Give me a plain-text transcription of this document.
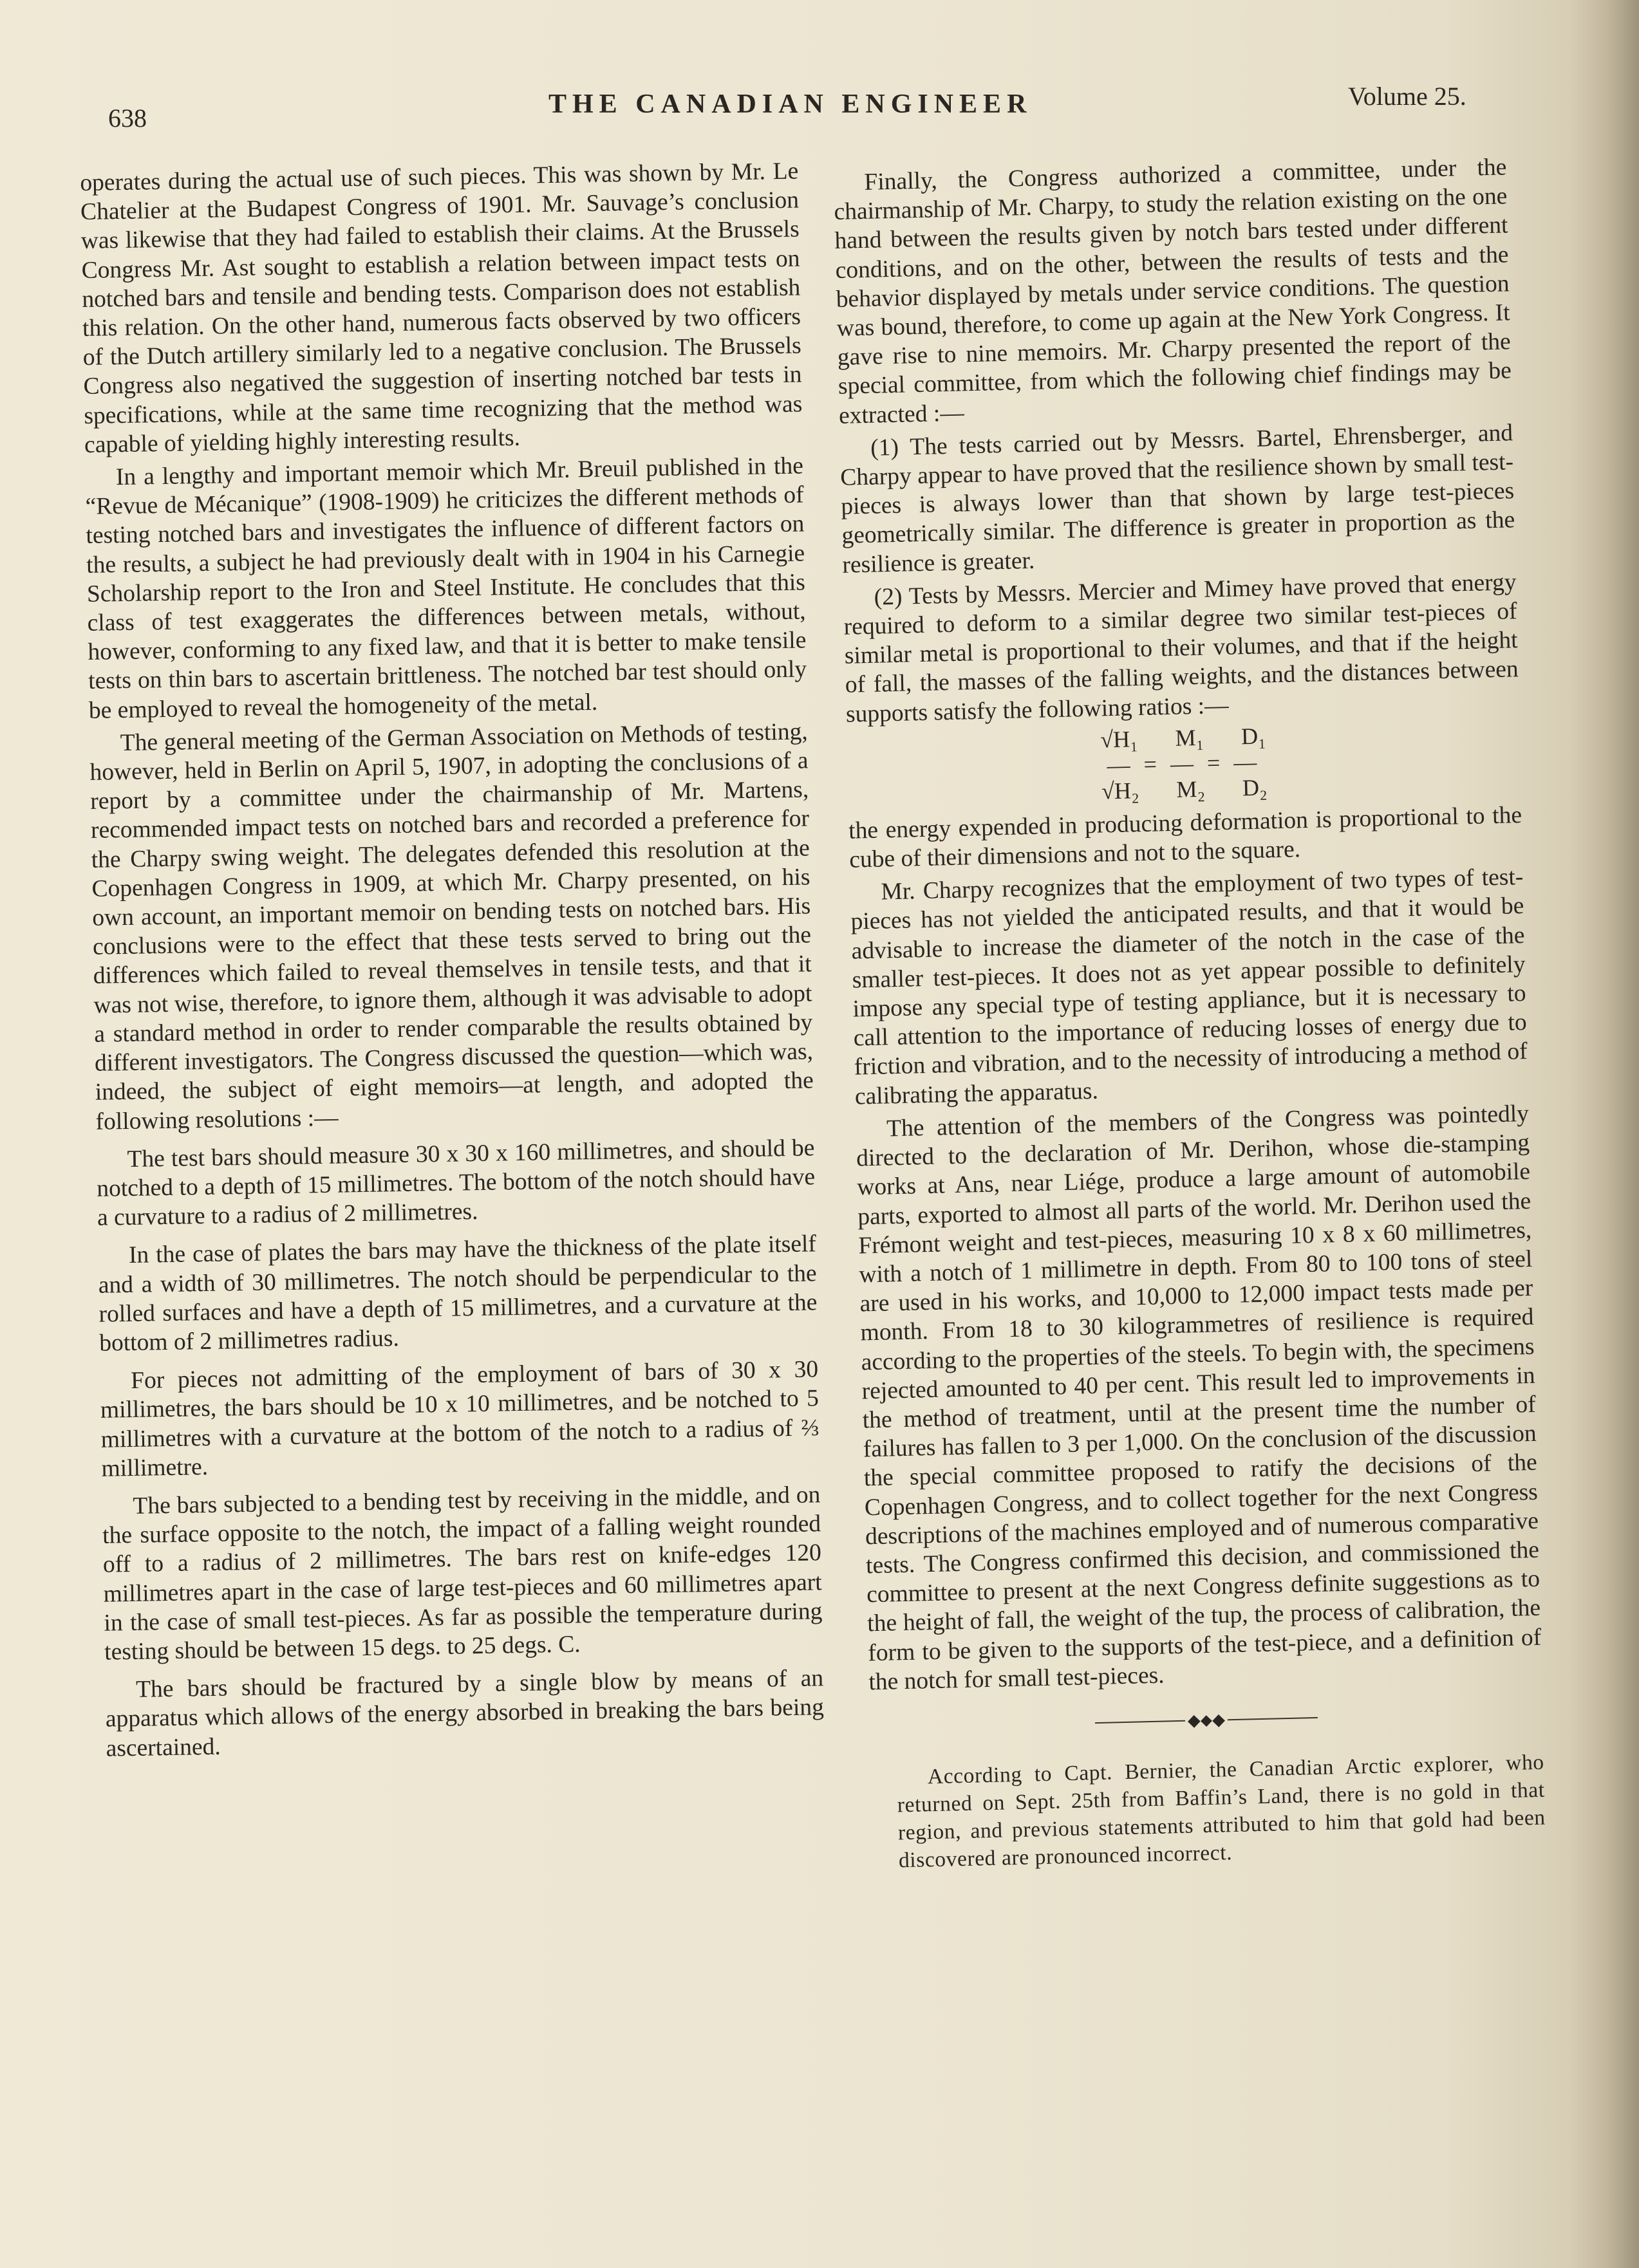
638	THE CANADIAN ENGINEER	Volume 25.

operates during the actual use of such pieces. This was shown by Mr. Le Chatelier at the Budapest Congress of 1901. Mr. Sauvage’s conclusion was likewise that they had failed to establish their claims. At the Brussels Congress Mr. Ast sought to establish a relation between impact tests on notched bars and tensile and bending tests. Comparison does not establish this relation. On the other hand, numerous facts observed by two officers of the Dutch artillery similarly led to a negative conclusion. The Brussels Congress also negatived the suggestion of inserting notched bar tests in specifications, while at the same time recognizing that the method was capable of yielding highly interesting results.

In a lengthy and important memoir which Mr. Breuil published in the “Revue de Mécanique” (1908-1909) he criticizes the different methods of testing notched bars and investigates the influence of different factors on the results, a subject he had previously dealt with in 1904 in his Carnegie Scholarship report to the Iron and Steel Institute. He concludes that this class of test exaggerates the differences between metals, without, however, conforming to any fixed law, and that it is better to make tensile tests on thin bars to ascertain brittleness. The notched bar test should only be employed to reveal the homogeneity of the metal.

The general meeting of the German Association on Methods of testing, however, held in Berlin on April 5, 1907, in adopting the conclusions of a report by a committee under the chairmanship of Mr. Martens, recommended impact tests on notched bars and recorded a preference for the Charpy swing weight. The delegates defended this resolution at the Copenhagen Congress in 1909, at which Mr. Charpy presented, on his own account, an important memoir on bending tests on notched bars. His conclusions were to the effect that these tests served to bring out the differences which failed to reveal themselves in tensile tests, and that it was not wise, therefore, to ignore them, although it was advisable to adopt a standard method in order to render comparable the results obtained by different investigators. The Congress discussed the question—which was, indeed, the subject of eight memoirs—at length, and adopted the following resolutions :—

The test bars should measure 30 x 30 x 160 millimetres, and should be notched to a depth of 15 millimetres. The bottom of the notch should have a curvature to a radius of 2 millimetres.

In the case of plates the bars may have the thickness of the plate itself and a width of 30 millimetres. The notch should be perpendicular to the rolled surfaces and have a depth of 15 millimetres, and a curvature at the bottom of 2 millimetres radius.

For pieces not admitting of the employment of bars of 30 x 30 millimetres, the bars should be 10 x 10 millimetres, and be notched to 5 millimetres with a curvature at the bottom of the notch to a radius of ⅔ millimetre.

The bars subjected to a bending test by receiving in the middle, and on the surface opposite to the notch, the impact of a falling weight rounded off to a radius of 2 millimetres. The bars rest on knife-edges 120 millimetres apart in the case of large test-pieces and 60 millimetres apart in the case of small test-pieces. As far as possible the temperature during testing should be between 15 degs. to 25 degs. C.

The bars should be fractured by a single blow by means of an apparatus which allows of the energy absorbed in breaking the bars being ascertained.

Finally, the Congress authorized a committee, under the chairmanship of Mr. Charpy, to study the relation existing on the one hand between the results given by notch bars tested under different conditions, and on the other, between the results of tests and the behavior displayed by metals under service conditions. The question was bound, therefore, to come up again at the New York Congress. It gave rise to nine memoirs. Mr. Charpy presented the report of the special committee, from which the following chief findings may be extracted :—

(1) The tests carried out by Messrs. Bartel, Ehrensberger, and Charpy appear to have proved that the resilience shown by small test-pieces is always lower than that shown by large test-pieces geometrically similar. The difference is greater in proportion as the resilience is greater.

(2) Tests by Messrs. Mercier and Mimey have proved that energy required to deform to a similar degree two similar test-pieces of similar metal is proportional to their volumes, and that if the height of fall, the masses of the falling weights, and the distances between supports satisfy the following ratios :—

√H₁ M₁ D₁
— = — = —
√H₂ M₂ D₂

the energy expended in producing deformation is proportional to the cube of their dimensions and not to the square.

Mr. Charpy recognizes that the employment of two types of test-pieces has not yielded the anticipated results, and that it would be advisable to increase the diameter of the notch in the case of the smaller test-pieces. It does not as yet appear possible to definitely impose any special type of testing appliance, but it is necessary to call attention to the importance of reducing losses of energy due to friction and vibration, and to the necessity of introducing a method of calibrating the apparatus.

The attention of the members of the Congress was pointedly directed to the declaration of Mr. Derihon, whose die-stamping works at Ans, near Liége, produce a large amount of automobile parts, exported to almost all parts of the world. Mr. Derihon used the Frémont weight and test-pieces, measuring 10 x 8 x 60 millimetres, with a notch of 1 millimetre in depth. From 80 to 100 tons of steel are used in his works, and 10,000 to 12,000 impact tests made per month. From 18 to 30 kilogrammetres of resilience is required according to the properties of the steels. To begin with, the specimens rejected amounted to 40 per cent. This result led to improvements in the method of treatment, until at the present time the number of failures has fallen to 3 per 1,000. On the conclusion of the discussion the special committee proposed to ratify the decisions of the Copenhagen Congress, and to collect together for the next Congress descriptions of the machines employed and of numerous comparative tests. The Congress confirmed this decision, and commissioned the committee to present at the next Congress definite suggestions as to the height of fall, the weight of the tup, the process of calibration, the form to be given to the supports of the test-piece, and a definition of the notch for small test-pieces.

◆⬥◆
According to Capt. Bernier, the Canadian Arctic explorer, who returned on Sept. 25th from Baffin’s Land, there is no gold in that region, and previous statements attributed to him that gold had been discovered are pronounced incorrect.
